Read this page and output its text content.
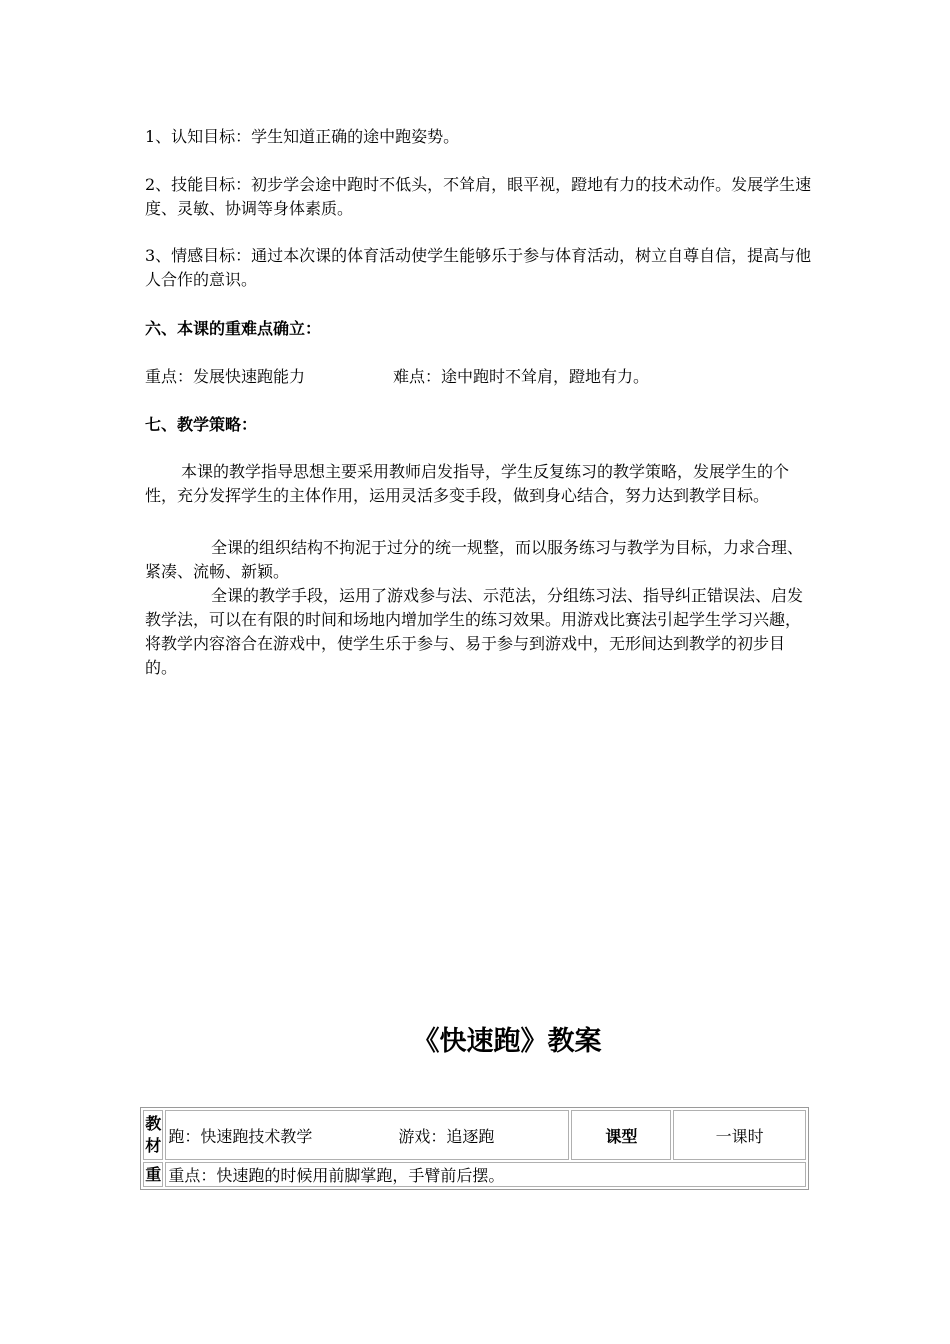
1、认知目标：学生知道正确的途中跑姿势。

2、技能目标：初步学会途中跑时不低头，不耸肩，眼平视，蹬地有力的技术动作。发展学生速度、灵敏、协调等身体素质。

3、情感目标：通过本次课的体育活动使学生能够乐于参与体育活动，树立自尊自信，提高与他人合作的意识。

六、本课的重难点确立：

重点：发展快速跑能力	难点：途中跑时不耸肩，蹬地有力。

七、教学策略：

本课的教学指导思想主要采用教师启发指导，学生反复练习的教学策略，发展学生的个性，充分发挥学生的主体作用，运用灵活多变手段，做到身心结合，努力达到教学目标。

全课的组织结构不拘泥于过分的统一规整，而以服务练习与教学为目标，力求合理、紧凑、流畅、新颖。

全课的教学手段，运用了游戏参与法、示范法，分组练习法、指导纠正错误法、启发教学法，可以在有限的时间和场地内增加学生的练习效果。用游戏比赛法引起学生学习兴趣，将教学内容溶合在游戏中，使学生乐于参与、易于参与到游戏中，无形间达到教学的初步目的。

《快速跑》教案
教材	跑：快速跑技术教学 游戏：追逐跑	课型	一课时
重	重点：快速跑的时候用前脚掌跑，手臂前后摆。		
